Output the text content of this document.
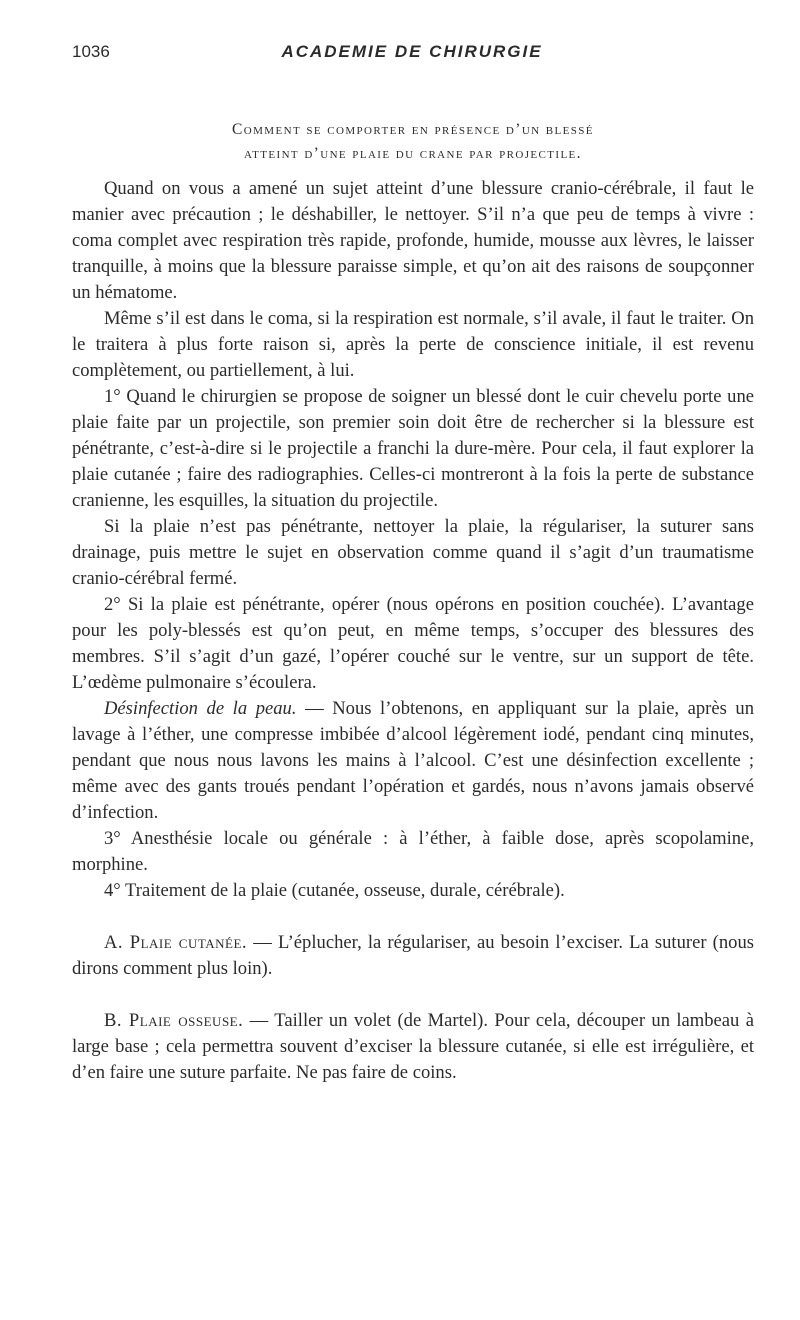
1036	ACADEMIE DE CHIRURGIE
Comment se comporter en présence d’un blessé
atteint d’une plaie du crane par projectile.

Quand on vous a amené un sujet atteint d’une blessure cranio-cérébrale, il faut le manier avec précaution ; le déshabiller, le nettoyer. S’il n’a que peu de temps à vivre : coma complet avec respiration très rapide, profonde, humide, mousse aux lèvres, le laisser tranquille, à moins que la blessure paraisse simple, et qu’on ait des raisons de soupçonner un hématome.

Même s’il est dans le coma, si la respiration est normale, s’il avale, il faut le traiter. On le traitera à plus forte raison si, après la perte de conscience initiale, il est revenu complètement, ou partiellement, à lui.

1° Quand le chirurgien se propose de soigner un blessé dont le cuir chevelu porte une plaie faite par un projectile, son premier soin doit être de rechercher si la blessure est pénétrante, c’est-à-dire si le projectile a franchi la dure-mère. Pour cela, il faut explorer la plaie cutanée ; faire des radiographies. Celles-ci montreront à la fois la perte de substance cranienne, les esquilles, la situation du projectile.

Si la plaie n’est pas pénétrante, nettoyer la plaie, la régulariser, la suturer sans drainage, puis mettre le sujet en observation comme quand il s’agit d’un traumatisme cranio-cérébral fermé.

2° Si la plaie est pénétrante, opérer (nous opérons en position couchée). L’avantage pour les poly-blessés est qu’on peut, en même temps, s’occuper des blessures des membres. S’il s’agit d’un gazé, l’opérer couché sur le ventre, sur un support de tête. L’œdème pulmonaire s’écoulera.

Désinfection de la peau. — Nous l’obtenons, en appliquant sur la plaie, après un lavage à l’éther, une compresse imbibée d’alcool légèrement iodé, pendant cinq minutes, pendant que nous nous lavons les mains à l’alcool. C’est une désinfection excellente ; même avec des gants troués pendant l’opération et gardés, nous n’avons jamais observé d’infection.

3° Anesthésie locale ou générale : à l’éther, à faible dose, après scopolamine, morphine.

4° Traitement de la plaie (cutanée, osseuse, durale, cérébrale).

A. Plaie cutanée. — L’éplucher, la régulariser, au besoin l’exciser. La suturer (nous dirons comment plus loin).

B. Plaie osseuse. — Tailler un volet (de Martel). Pour cela, découper un lambeau à large base ; cela permettra souvent d’exciser la blessure cutanée, si elle est irrégulière, et d’en faire une suture parfaite. Ne pas faire de coins.
